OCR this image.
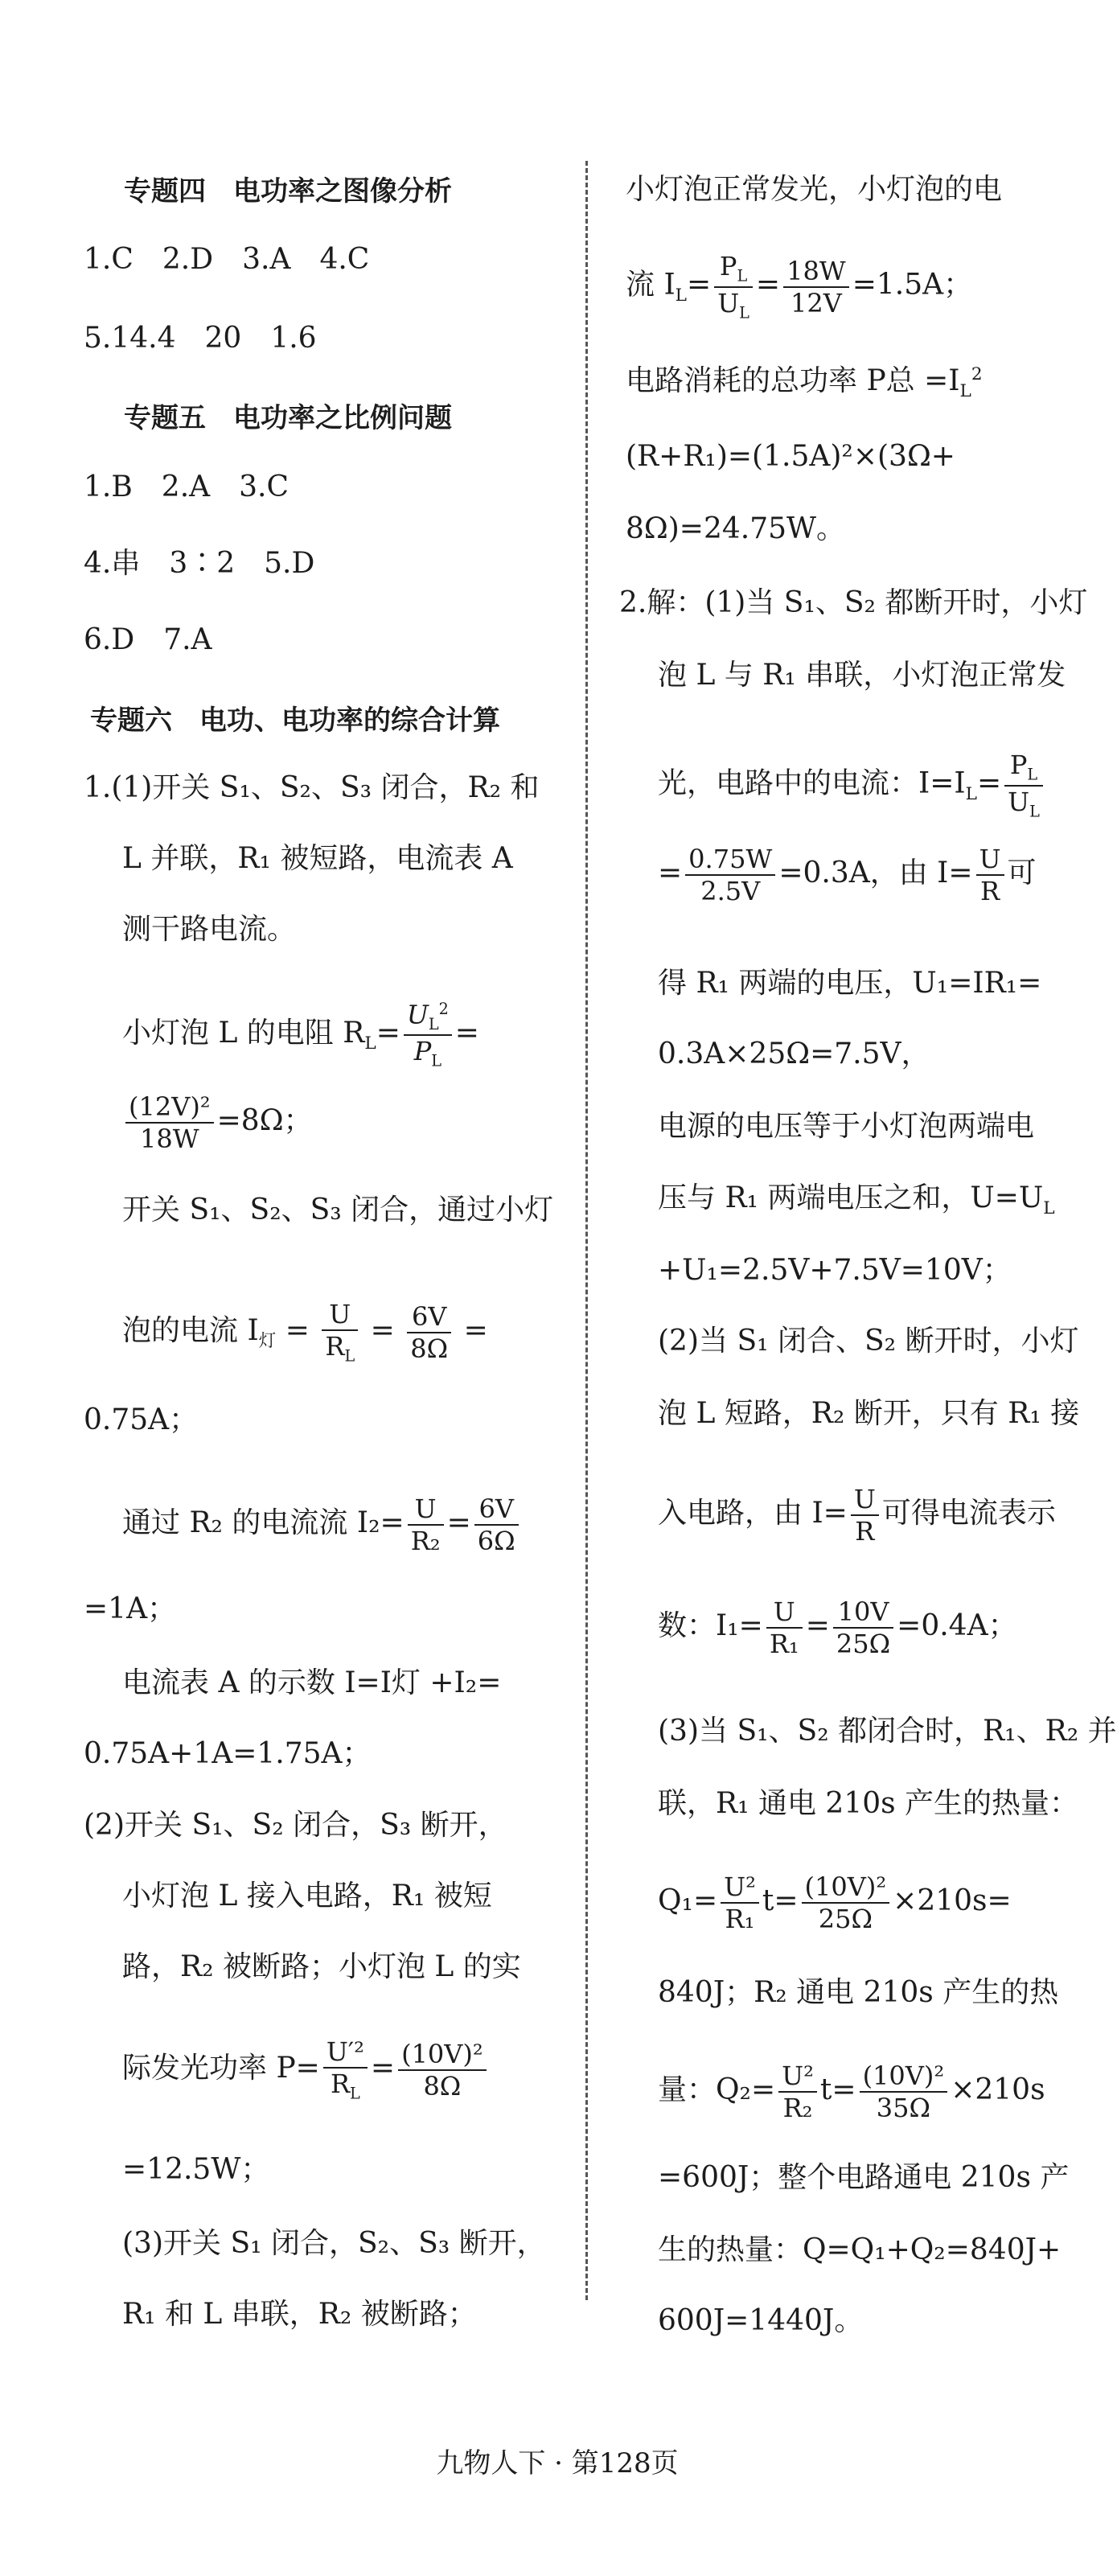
专题四　电功率之图像分析
1.C　2.D　3.A　4.C
5.14.4　20　1.6
专题五　电功率之比例问题
1.B　2.A　3.C
4.串　3∶2　5.D
6.D　7.A
专题六　电功、电功率的综合计算
1.(1)开关 S₁、S₂、S₃ 闭合，R₂ 和
L 并联，R₁ 被短路，电流表 A
测干路电流。
小灯泡 L 的电阻 $R_L= \frac{U_L^2}{P_L}$ =
$\frac{\text{(12V)²}}{18W} =8\Omega$；
开关 S₁、S₂、S₃ 闭合，通过小灯
泡的电流 $I_灯 = \frac{U}{R_L} = \frac{6V}{8\Omega}$ =
0.75A；
通过 R₂ 的电流流 $I_2= \frac{U}{\text{R₂}} = \frac{6V}{6\Omega}$
=1A；
电流表 A 的示数 I=I灯 +I₂=
0.75A+1A=1.75A；
(2)开关 S₁、S₂ 闭合，S₃ 断开，
小灯泡 L 接入电路，R₁ 被短
路，R₂ 被断路；小灯泡 L 的实
际发光功率 $P= \frac{\text{U′²}}{R_L} = \frac{\text{(10V)²}}{8\Omega}$
=12.5W；
(3)开关 S₁ 闭合，S₂、S₃ 断开，
R₁ 和 L 串联，R₂ 被断路；
小灯泡正常发光，小灯泡的电
流 $I_L= \frac{P_L}{U_L} = \frac{18W}{12V} =1.5A$；
电路消耗的总功率 P总 $=I_L^2$
(R+R₁)=(1.5A)²×(3Ω+
8Ω)=24.75W。
2.解：(1)当 S₁、S₂ 都断开时，小灯
泡 L 与 R₁ 串联，小灯泡正常发
光，电路中的电流：$I=I_L= \frac{P_L}{U_L}$
= $\frac{0.75W}{2.5V} =0.3A$，由 $I= \frac{U}{R}$ 可
得 R₁ 两端的电压，U₁=IR₁=
0.3A×25Ω=7.5V，
电源的电压等于小灯泡两端电
压与 R₁ 两端电压之和，$U=U_L$
+U₁=2.5V+7.5V=10V；
(2)当 S₁ 闭合、S₂ 断开时，小灯
泡 L 短路，R₂ 断开，只有 R₁ 接
入电路，由 $I= \frac{U}{R}$ 可得电流表示
数：$I_1= \frac{U}{\text{R₁}} = \frac{10V}{25\Omega} =0.4A$；
(3)当 S₁、S₂ 都闭合时，R₁、R₂ 并
联，R₁ 通电 210s 产生的热量：
$Q_1= \frac{\text{U²}}{\text{R₁}} t= \frac{\text{(10V)²}}{25\Omega} \times 210s=$
840J；R₂ 通电 210s 产生的热
量：$Q_2= \frac{\text{U²}}{\text{R₂}} t= \frac{\text{(10V)²}}{35\Omega} \times 210s$
=600J；整个电路通电 210s 产
生的热量：Q=Q₁+Q₂=840J+
600J=1440J。
九物人下 · 第128页
